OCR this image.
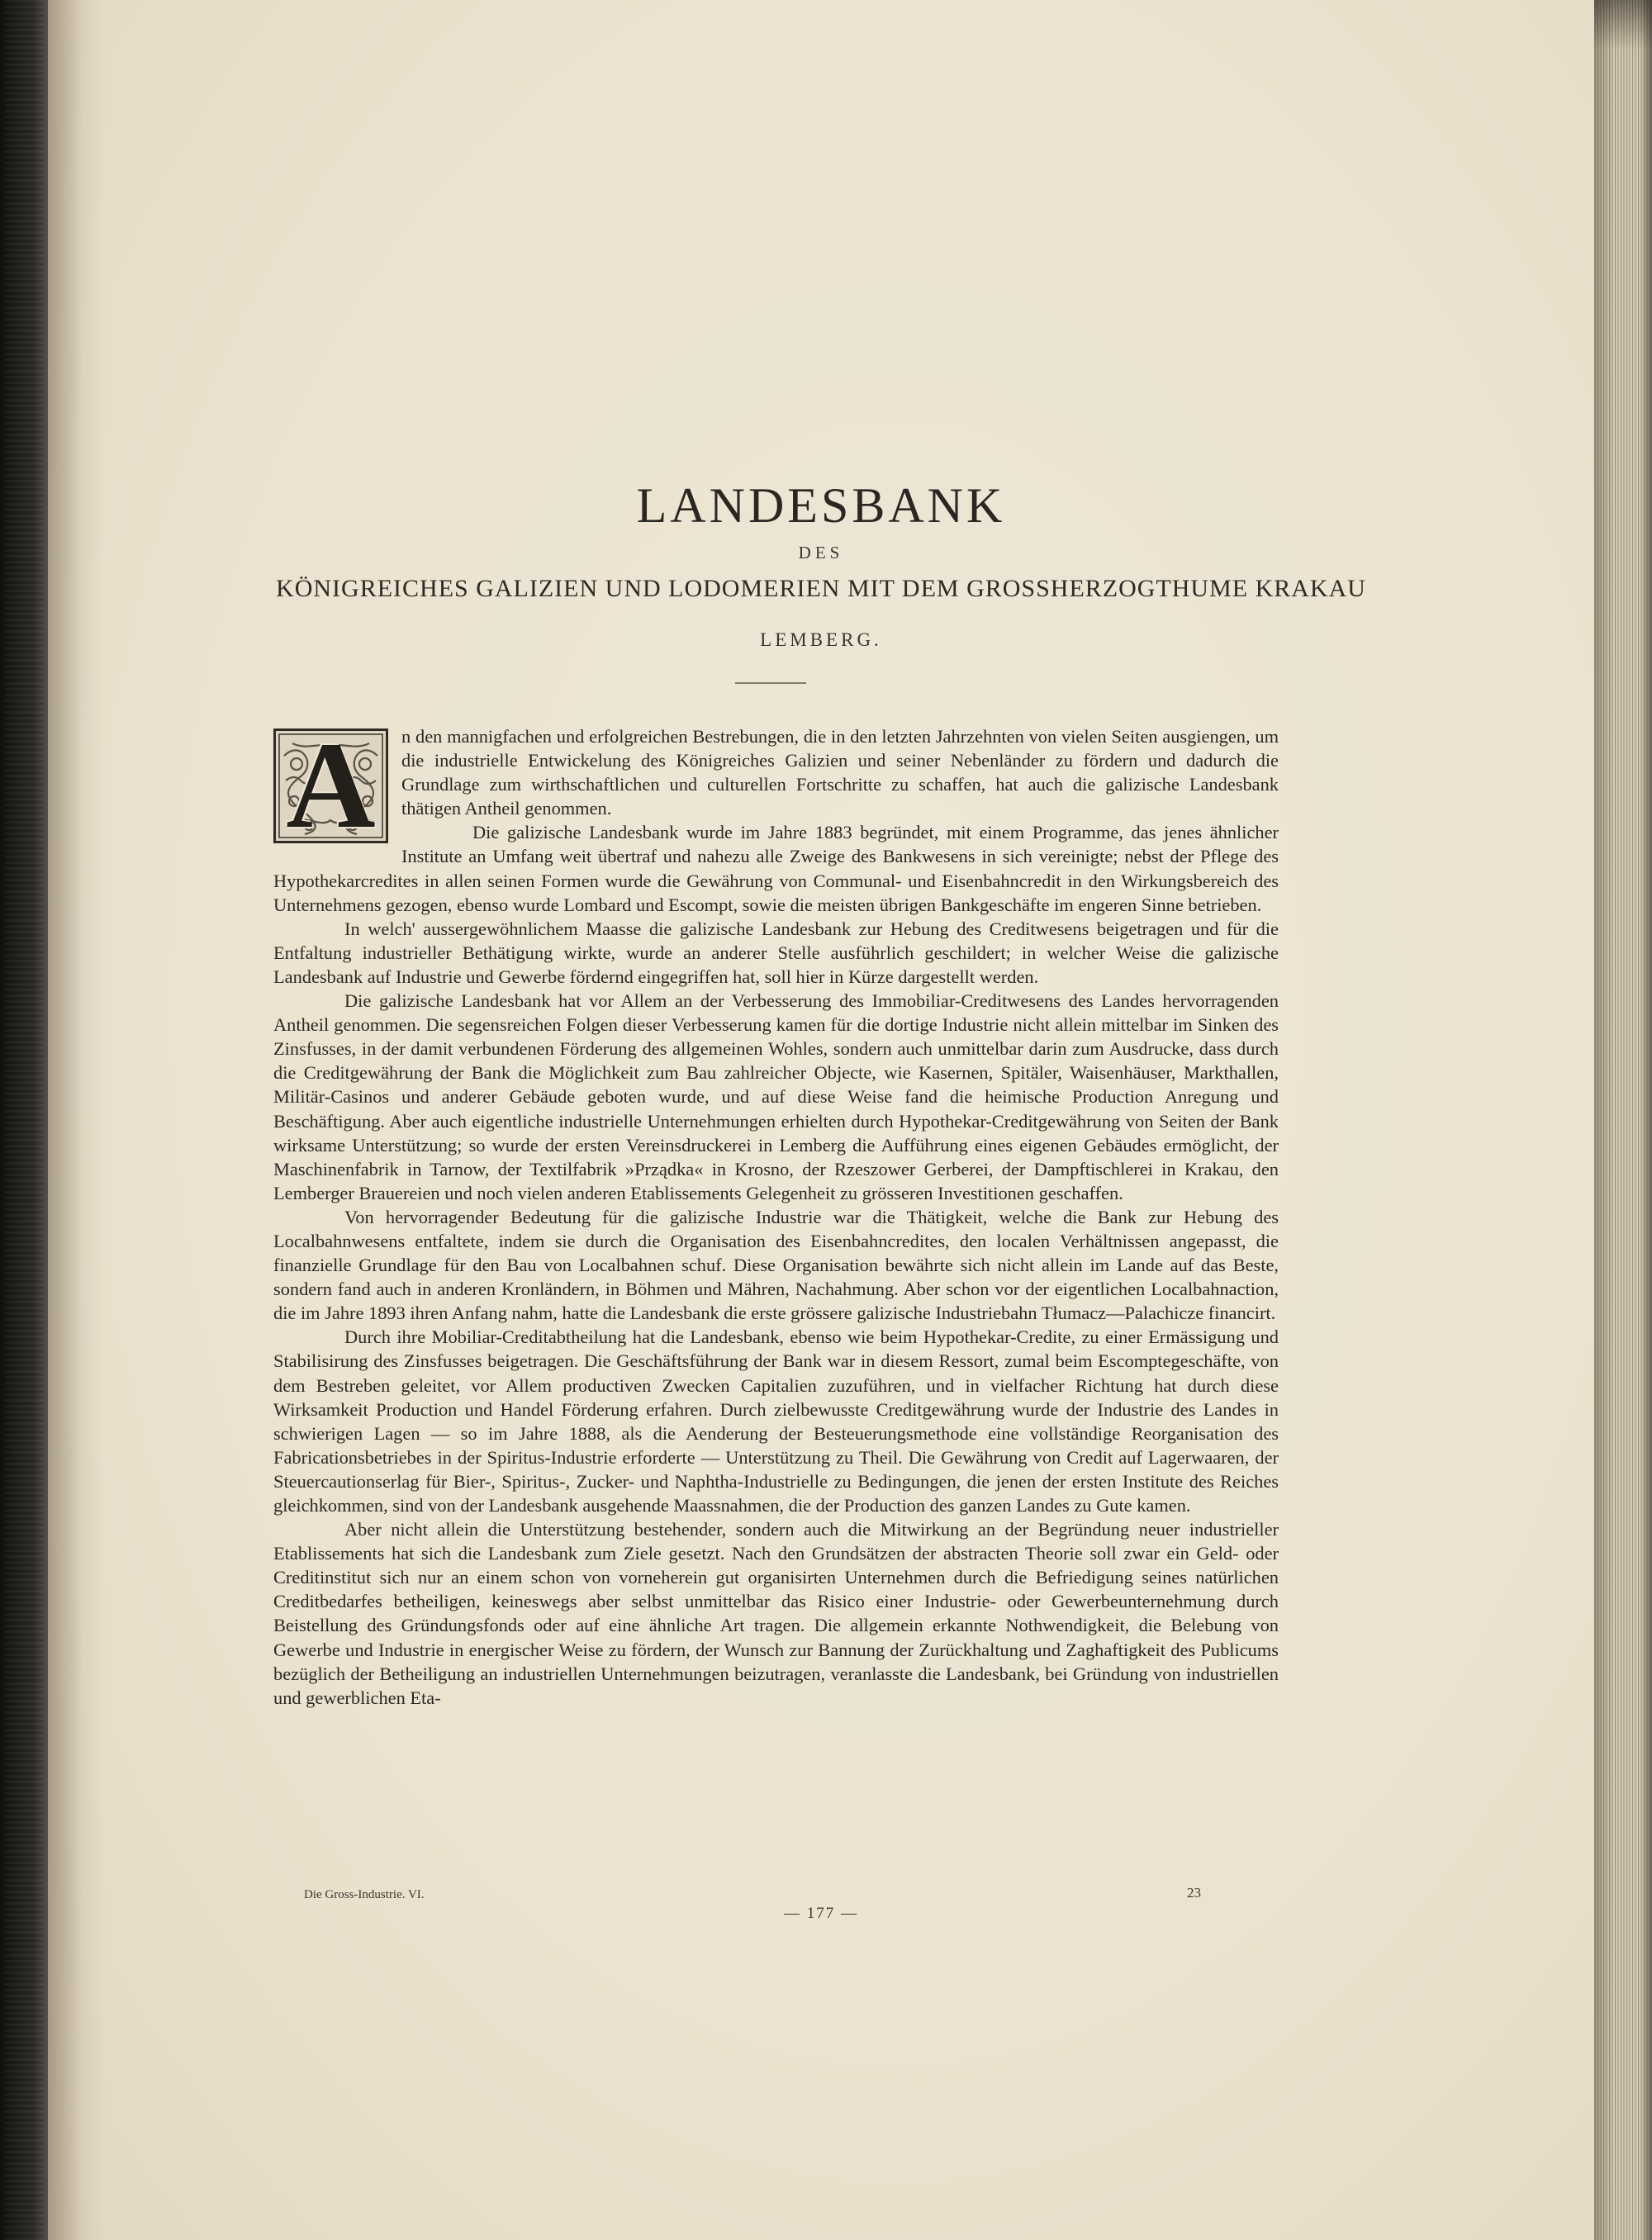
LANDESBANK
DES
KÖNIGREICHES GALIZIEN UND LODOMERIEN MIT DEM GROSSHERZOGTHUME KRAKAU
LEMBERG.
A	n den mannigfachen und erfolgreichen Bestrebungen, die in den letzten Jahrzehnten von vielen Seiten ausgiengen, um die industrielle Entwickelung des Königreiches Galizien und seiner Nebenländer zu fördern und dadurch die Grundlage zum wirthschaftlichen und culturellen Fortschritte zu schaffen, hat auch die galizische Landesbank thätigen Antheil genommen.

Die galizische Landesbank wurde im Jahre 1883 begründet, mit einem Programme, das jenes ähnlicher Institute an Umfang weit übertraf und nahezu alle Zweige des Bankwesens in sich vereinigte; nebst der Pflege des Hypothekarcredites in allen seinen Formen wurde die Gewährung von Communal- und Eisenbahncredit in den Wirkungsbereich des Unternehmens gezogen, ebenso wurde Lombard und Escompt, sowie die meisten übrigen Bankgeschäfte im engeren Sinne betrieben.

In welch' aussergewöhnlichem Maasse die galizische Landesbank zur Hebung des Creditwesens beigetragen und für die Entfaltung industrieller Bethätigung wirkte, wurde an anderer Stelle ausführlich geschildert; in welcher Weise die galizische Landesbank auf Industrie und Gewerbe fördernd eingegriffen hat, soll hier in Kürze dargestellt werden.

Die galizische Landesbank hat vor Allem an der Verbesserung des Immobiliar-Creditwesens des Landes hervorragenden Antheil genommen. Die segensreichen Folgen dieser Verbesserung kamen für die dortige Industrie nicht allein mittelbar im Sinken des Zinsfusses, in der damit verbundenen Förderung des allgemeinen Wohles, sondern auch unmittelbar darin zum Ausdrucke, dass durch die Creditgewährung der Bank die Möglichkeit zum Bau zahlreicher Objecte, wie Kasernen, Spitäler, Waisenhäuser, Markthallen, Militär-Casinos und anderer Gebäude geboten wurde, und auf diese Weise fand die heimische Production Anregung und Beschäftigung. Aber auch eigentliche industrielle Unternehmungen erhielten durch Hypothekar-Creditgewährung von Seiten der Bank wirksame Unterstützung; so wurde der ersten Vereinsdruckerei in Lemberg die Aufführung eines eigenen Gebäudes ermöglicht, der Maschinenfabrik in Tarnow, der Textilfabrik »Prządka« in Krosno, der Rzeszower Gerberei, der Dampftischlerei in Krakau, den Lemberger Brauereien und noch vielen anderen Etablissements Gelegenheit zu grösseren Investitionen geschaffen.

Von hervorragender Bedeutung für die galizische Industrie war die Thätigkeit, welche die Bank zur Hebung des Localbahnwesens entfaltete, indem sie durch die Organisation des Eisenbahncredites, den localen Verhältnissen angepasst, die finanzielle Grundlage für den Bau von Localbahnen schuf. Diese Organisation bewährte sich nicht allein im Lande auf das Beste, sondern fand auch in anderen Kronländern, in Böhmen und Mähren, Nachahmung. Aber schon vor der eigentlichen Localbahnaction, die im Jahre 1893 ihren Anfang nahm, hatte die Landesbank die erste grössere galizische Industriebahn Tłumacz—Palachicze financirt.

Durch ihre Mobiliar-Creditabtheilung hat die Landesbank, ebenso wie beim Hypothekar-Credite, zu einer Ermässigung und Stabilisirung des Zinsfusses beigetragen. Die Geschäftsführung der Bank war in diesem Ressort, zumal beim Escomptegeschäfte, von dem Bestreben geleitet, vor Allem productiven Zwecken Capitalien zuzuführen, und in vielfacher Richtung hat durch diese Wirksamkeit Production und Handel Förderung erfahren. Durch zielbewusste Creditgewährung wurde der Industrie des Landes in schwierigen Lagen — so im Jahre 1888, als die Aenderung der Besteuerungsmethode eine vollständige Reorganisation des Fabricationsbetriebes in der Spiritus-Industrie erforderte — Unterstützung zu Theil. Die Gewährung von Credit auf Lagerwaaren, der Steuercautionserlag für Bier-, Spiritus-, Zucker- und Naphtha-Industrielle zu Bedingungen, die jenen der ersten Institute des Reiches gleichkommen, sind von der Landesbank ausgehende Maassnahmen, die der Production des ganzen Landes zu Gute kamen.

Aber nicht allein die Unterstützung bestehender, sondern auch die Mitwirkung an der Begründung neuer industrieller Etablissements hat sich die Landesbank zum Ziele gesetzt. Nach den Grundsätzen der abstracten Theorie soll zwar ein Geld- oder Creditinstitut sich nur an einem schon von vorneherein gut organisirten Unternehmen durch die Befriedigung seines natürlichen Creditbedarfes betheiligen, keineswegs aber selbst unmittelbar das Risico einer Industrie- oder Gewerbeunternehmung durch Beistellung des Gründungsfonds oder auf eine ähnliche Art tragen. Die allgemein erkannte Nothwendigkeit, die Belebung von Gewerbe und Industrie in energischer Weise zu fördern, der Wunsch zur Bannung der Zurückhaltung und Zaghaftigkeit des Publicums bezüglich der Betheiligung an industriellen Unternehmungen beizutragen, veranlasste die Landesbank, bei Gründung von industriellen und gewerblichen Eta-

Die Gross-Industrie. VI.	23
— 177 —
